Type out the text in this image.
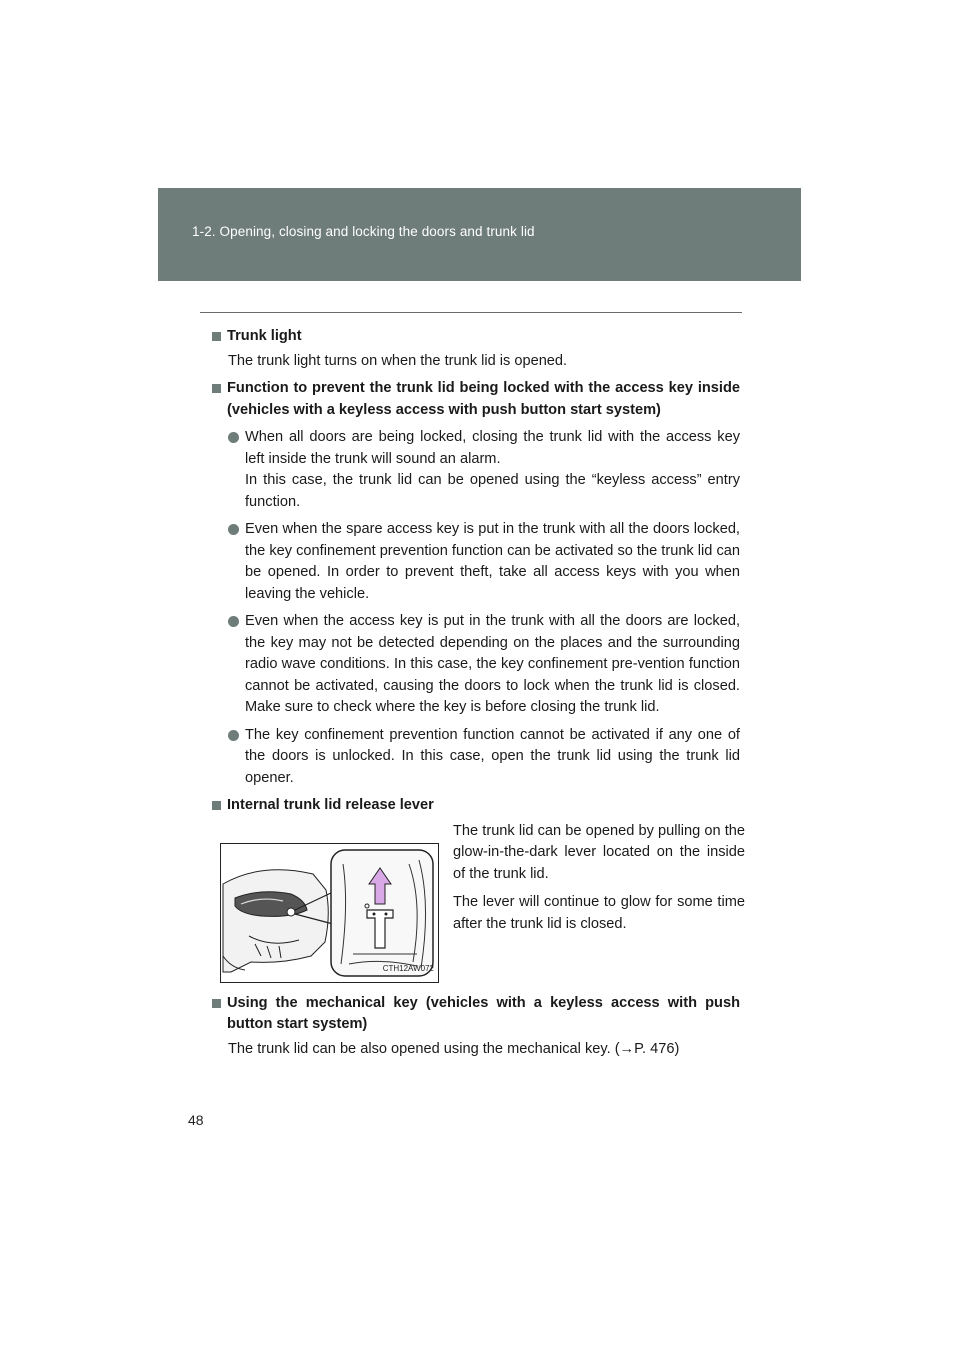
1-2. Opening, closing and locking the doors and trunk lid
Trunk light
The trunk light turns on when the trunk lid is opened.
Function to prevent the trunk lid being locked with the access key inside (vehicles with a keyless access with push button start system)

When all doors are being locked, closing the trunk lid with the access key left inside the trunk will sound an alarm.

In this case, the trunk lid can be opened using the “keyless access” entry function.

Even when the spare access key is put in the trunk with all the doors locked, the key confinement prevention function can be activated so the trunk lid can be opened. In order to prevent theft, take all access keys with you when leaving the vehicle.

Even when the access key is put in the trunk with all the doors are locked, the key may not be detected depending on the places and the surrounding radio wave conditions. In this case, the key confinement pre-vention function cannot be activated, causing the doors to lock when the trunk lid is closed. Make sure to check where the key is before closing the trunk lid.

The key confinement prevention function cannot be activated if any one of the doors is unlocked. In this case, open the trunk lid using the trunk lid opener.

Internal trunk lid release lever
CTH12AW072

The trunk lid can be opened by pulling on the glow-in-the-dark lever located on the inside of the trunk lid.

The lever will continue to glow for some time after the trunk lid is closed.

Using the mechanical key (vehicles with a keyless access with push button start system)
The trunk lid can be also opened using the mechanical key. (→P. 476)
48
